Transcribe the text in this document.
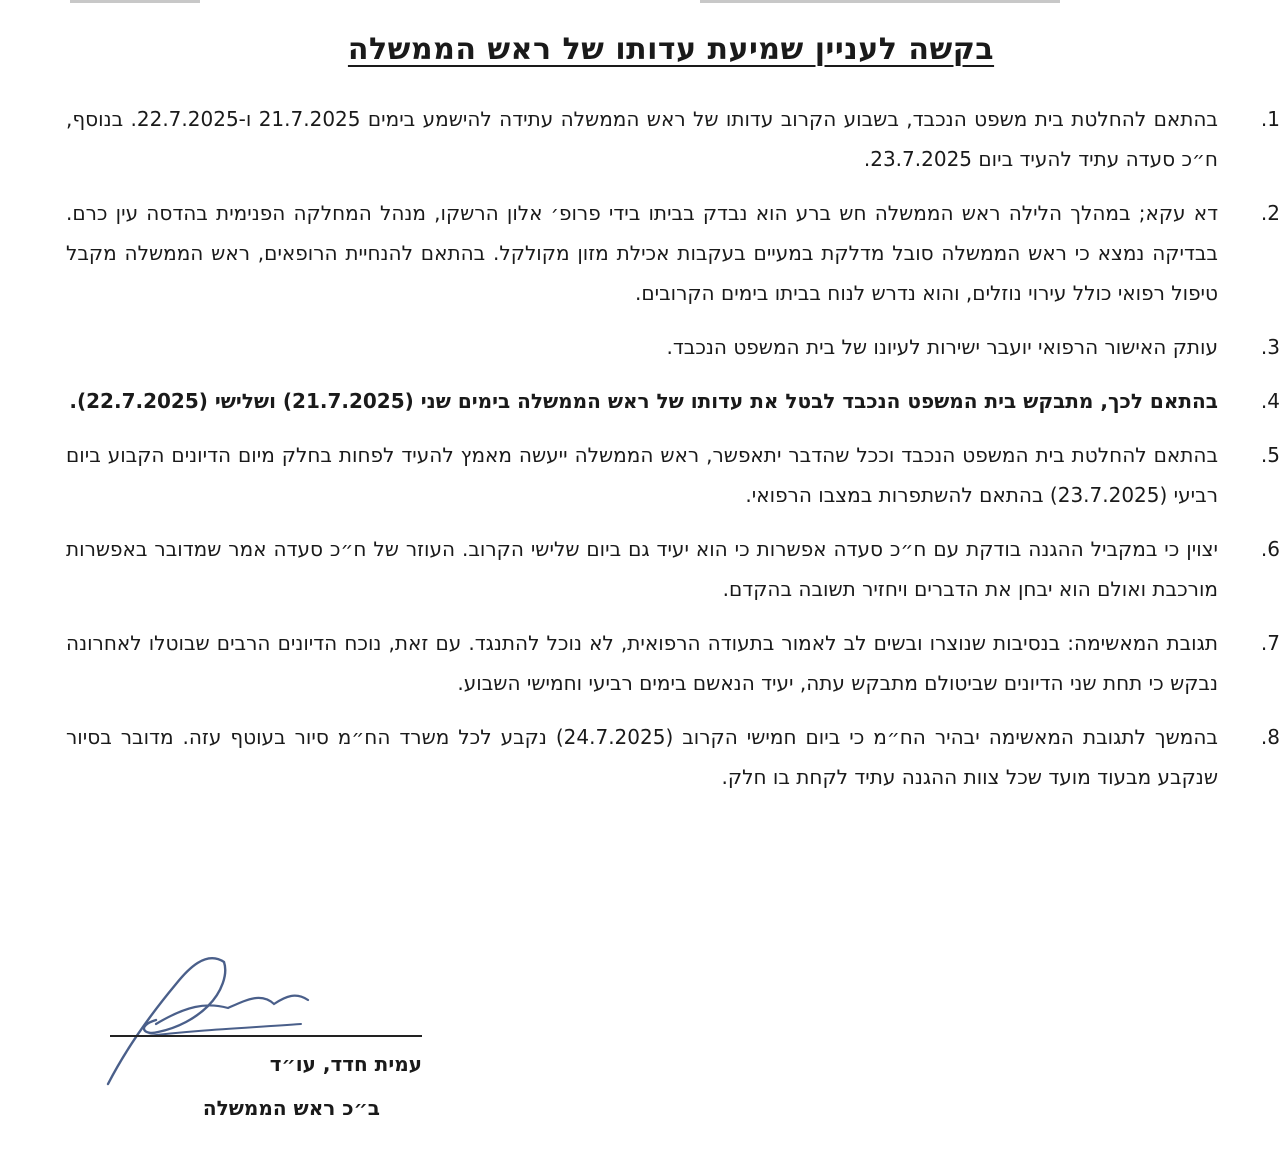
בקשה לעניין שמיעת עדותו של ראש הממשלה
1.
בהתאם להחלטת בית משפט הנכבד, בשבוע הקרוב עדותו של ראש הממשלה עתידה להישמע בימים 21.7.2025 ו-22.7.2025. בנוסף, ח״כ סעדה עתיד להעיד ביום 23.7.2025.
2.
דא עקא; במהלך הלילה ראש הממשלה חש ברע הוא נבדק בביתו בידי פרופ׳ אלון הרשקו, מנהל המחלקה הפנימית בהדסה עין כרם. בבדיקה נמצא כי ראש הממשלה סובל מדלקת במעיים בעקבות אכילת מזון מקולקל. בהתאם להנחיית הרופאים, ראש הממשלה מקבל טיפול רפואי כולל עירוי נוזלים, והוא נדרש לנוח בביתו בימים הקרובים.
3.
עותק האישור הרפואי יועבר ישירות לעיונו של בית המשפט הנכבד.
4.
בהתאם לכך, מתבקש בית המשפט הנכבד לבטל את עדותו של ראש הממשלה בימים שני (21.7.2025) ושלישי (22.7.2025).
5.
בהתאם להחלטת בית המשפט הנכבד וככל שהדבר יתאפשר, ראש הממשלה ייעשה מאמץ להעיד לפחות בחלק מיום הדיונים הקבוע ביום רביעי (23.7.2025) בהתאם להשתפרות במצבו הרפואי.
6.
יצוין כי במקביל ההגנה בודקת עם ח״כ סעדה אפשרות כי הוא יעיד גם ביום שלישי הקרוב. העוזר של ח״כ סעדה אמר שמדובר באפשרות מורכבת ואולם הוא יבחן את הדברים ויחזיר תשובה בהקדם.
7.
תגובת המאשימה: בנסיבות שנוצרו ובשים לב לאמור בתעודה הרפואית, לא נוכל להתנגד. עם זאת, נוכח הדיונים הרבים שבוטלו לאחרונה נבקש כי תחת שני הדיונים שביטולם מתבקש עתה, יעיד הנאשם בימים רביעי וחמישי השבוע.
8.
בהמשך לתגובת המאשימה יבהיר הח״מ כי ביום חמישי הקרוב (24.7.2025) נקבע לכל משרד הח״מ סיור בעוטף עזה. מדובר בסיור שנקבע מבעוד מועד שכל צוות ההגנה עתיד לקחת בו חלק.
עמית חדד, עו״ד
ב״כ ראש הממשלה
